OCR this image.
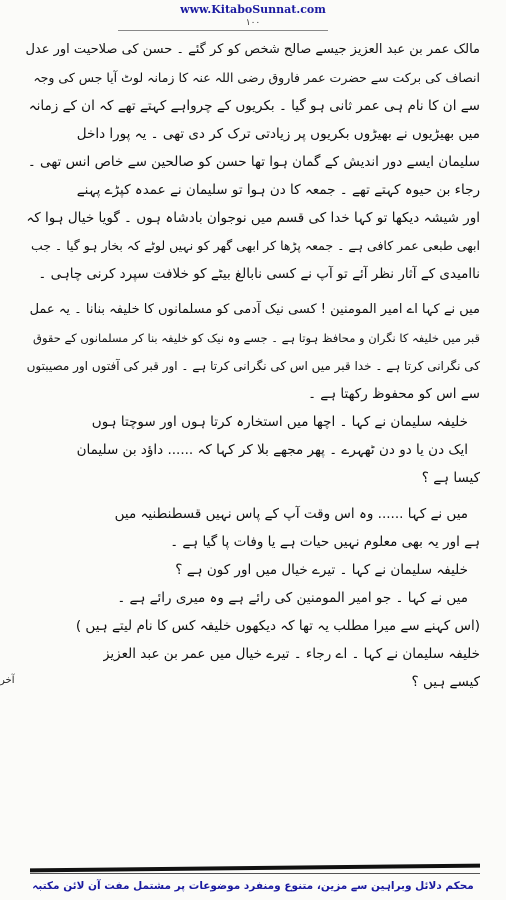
www.KitaboSunnat.com
۱۰۰
مالک عمر بن عبد العزیز جیسے صالح شخص کو کر گئے ۔ حسن کی صلاحیت اور عدل
انصاف کی برکت سے حضرت عمر فاروق رضی اللہ عنہ کا زمانہ لوٹ آیا جس کی وجہ
سے ان کا نام ہی عمر ثانی ہو گیا ۔ بکریوں کے چرواہے کہتے تھے کہ ان کے زمانہ
میں بھیڑیوں نے بھیڑوں بکریوں پر زیادتی ترک کر دی تھی ۔ یہ پورا داخل
سلیمان ایسے دور اندیش کے گمان ہوا تھا حسن کو صالحین سے خاص انس تھی ۔
رجاء بن حیوہ کہتے تھے ۔ جمعہ کا دن ہوا تو سلیمان نے عمدہ کپڑے پہنے
اور شیشہ دیکھا تو کہا خدا کی قسم میں نوجوان بادشاہ ہوں ۔ گویا خیال ہوا کہ
ابھی طبعی عمر کافی ہے ۔ جمعہ پڑھا کر ابھی گھر کو نہیں لوٹے کہ بخار ہو گیا ۔ جب
ناامیدی کے آثار نظر آئے تو آپ نے کسی نابالغ بیٹے کو خلافت سپرد کرنی چاہی ۔
میں نے کہا اے امیر المومنین ! کسی نیک آدمی کو مسلمانوں کا خلیفہ بنانا ۔ یہ عمل
قبر میں خلیفہ کا نگران و محافظ ہوتا ہے ۔ جسے وہ نیک کو خلیفہ بنا کر مسلمانوں کے حقوق
کی نگرانی کرتا ہے ۔ خدا قبر میں اس کی نگرانی کرتا ہے ۔ اور قبر کی آفتوں اور مصیبتوں
سے اس کو محفوظ رکھتا ہے ۔
خلیفہ سلیمان نے کہا ۔ اچھا میں استخارہ کرتا ہوں اور سوچتا ہوں
ایک دن یا دو دن ٹھہرے ۔ پھر مجھے بلا کر کہا کہ ...... داؤد بن سلیمان
کیسا ہے ؟
میں نے کہا ...... وہ اس وقت آپ کے پاس نہیں قسطنطنیہ میں
ہے اور یہ بھی معلوم نہیں حیات ہے یا وفات پا گیا ہے ۔
خلیفہ سلیمان نے کہا ۔ تیرے خیال میں اور کون ہے ؟
میں نے کہا ۔ جو امیر المومنین کی رائے ہے وہ میری رائے ہے ۔
(اس کہنے سے میرا مطلب یہ تھا کہ دیکھوں خلیفہ کس کا نام لیتے ہیں )
خلیفہ سلیمان نے کہا ۔ اے رجاء ۔ تیرے خیال میں عمر بن عبد العزیز
کیسے ہیں ؟
آخر
محکم دلائل وبراہین سے مزین، متنوع ومنفرد موضوعات پر مشتمل مفت آن لائن مکتبہ
